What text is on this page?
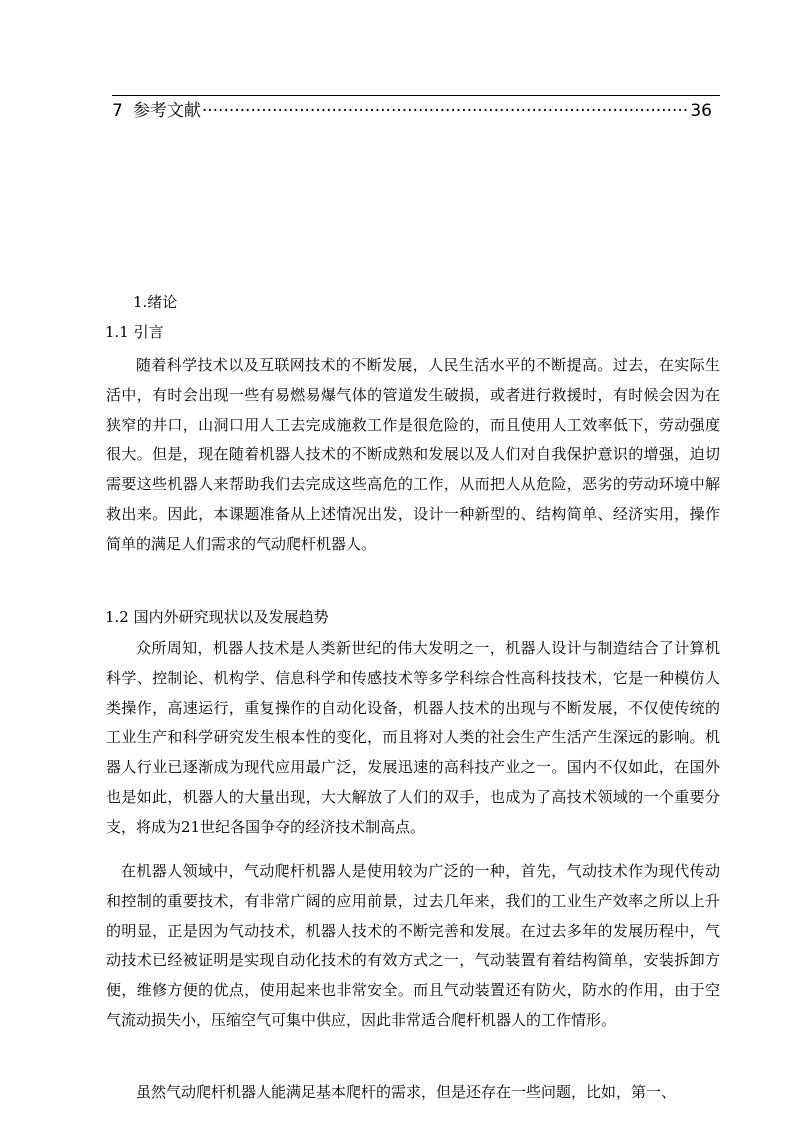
7 参考文献
·····	36
1.绪论
1.1 引言
随着科学技术以及互联网技术的不断发展，人民生活水平的不断提高。过去，在实际生活中，有时会出现一些有易燃易爆气体的管道发生破损，或者进行救援时，有时候会因为在狭窄的井口，山洞口用人工去完成施救工作是很危险的，而且使用人工效率低下，劳动强度很大。但是，现在随着机器人技术的不断成熟和发展以及人们对自我保护意识的增强，迫切需要这些机器人来帮助我们去完成这些高危的工作，从而把人从危险，恶劣的劳动环境中解救出来。因此，本课题准备从上述情况出发，设计一种新型的、结构简单、经济实用，操作简单的满足人们需求的气动爬杆机器人。
1.2 国内外研究现状以及发展趋势
众所周知，机器人技术是人类新世纪的伟大发明之一，机器人设计与制造结合了计算机科学、控制论、机构学、信息科学和传感技术等多学科综合性高科技技术，它是一种模仿人类操作，高速运行，重复操作的自动化设备，机器人技术的出现与不断发展，不仅使传统的工业生产和科学研究发生根本性的变化，而且将对人类的社会生产生活产生深远的影响。机器人行业已逐渐成为现代应用最广泛，发展迅速的高科技产业之一。国内不仅如此，在国外也是如此，机器人的大量出现，大大解放了人们的双手，也成为了高技术领域的一个重要分支，将成为21世纪各国争夺的经济技术制高点。
在机器人领域中，气动爬杆机器人是使用较为广泛的一种，首先，气动技术作为现代传动和控制的重要技术，有非常广阔的应用前景，过去几年来，我们的工业生产效率之所以上升的明显，正是因为气动技术，机器人技术的不断完善和发展。在过去多年的发展历程中，气动技术已经被证明是实现自动化技术的有效方式之一，气动装置有着结构简单，安装拆卸方便，维修方便的优点，使用起来也非常安全。而且气动装置还有防火，防水的作用，由于空气流动损失小，压缩空气可集中供应，因此非常适合爬杆机器人的工作情形。
虽然气动爬杆机器人能满足基本爬杆的需求，但是还存在一些问题，比如，第一、
